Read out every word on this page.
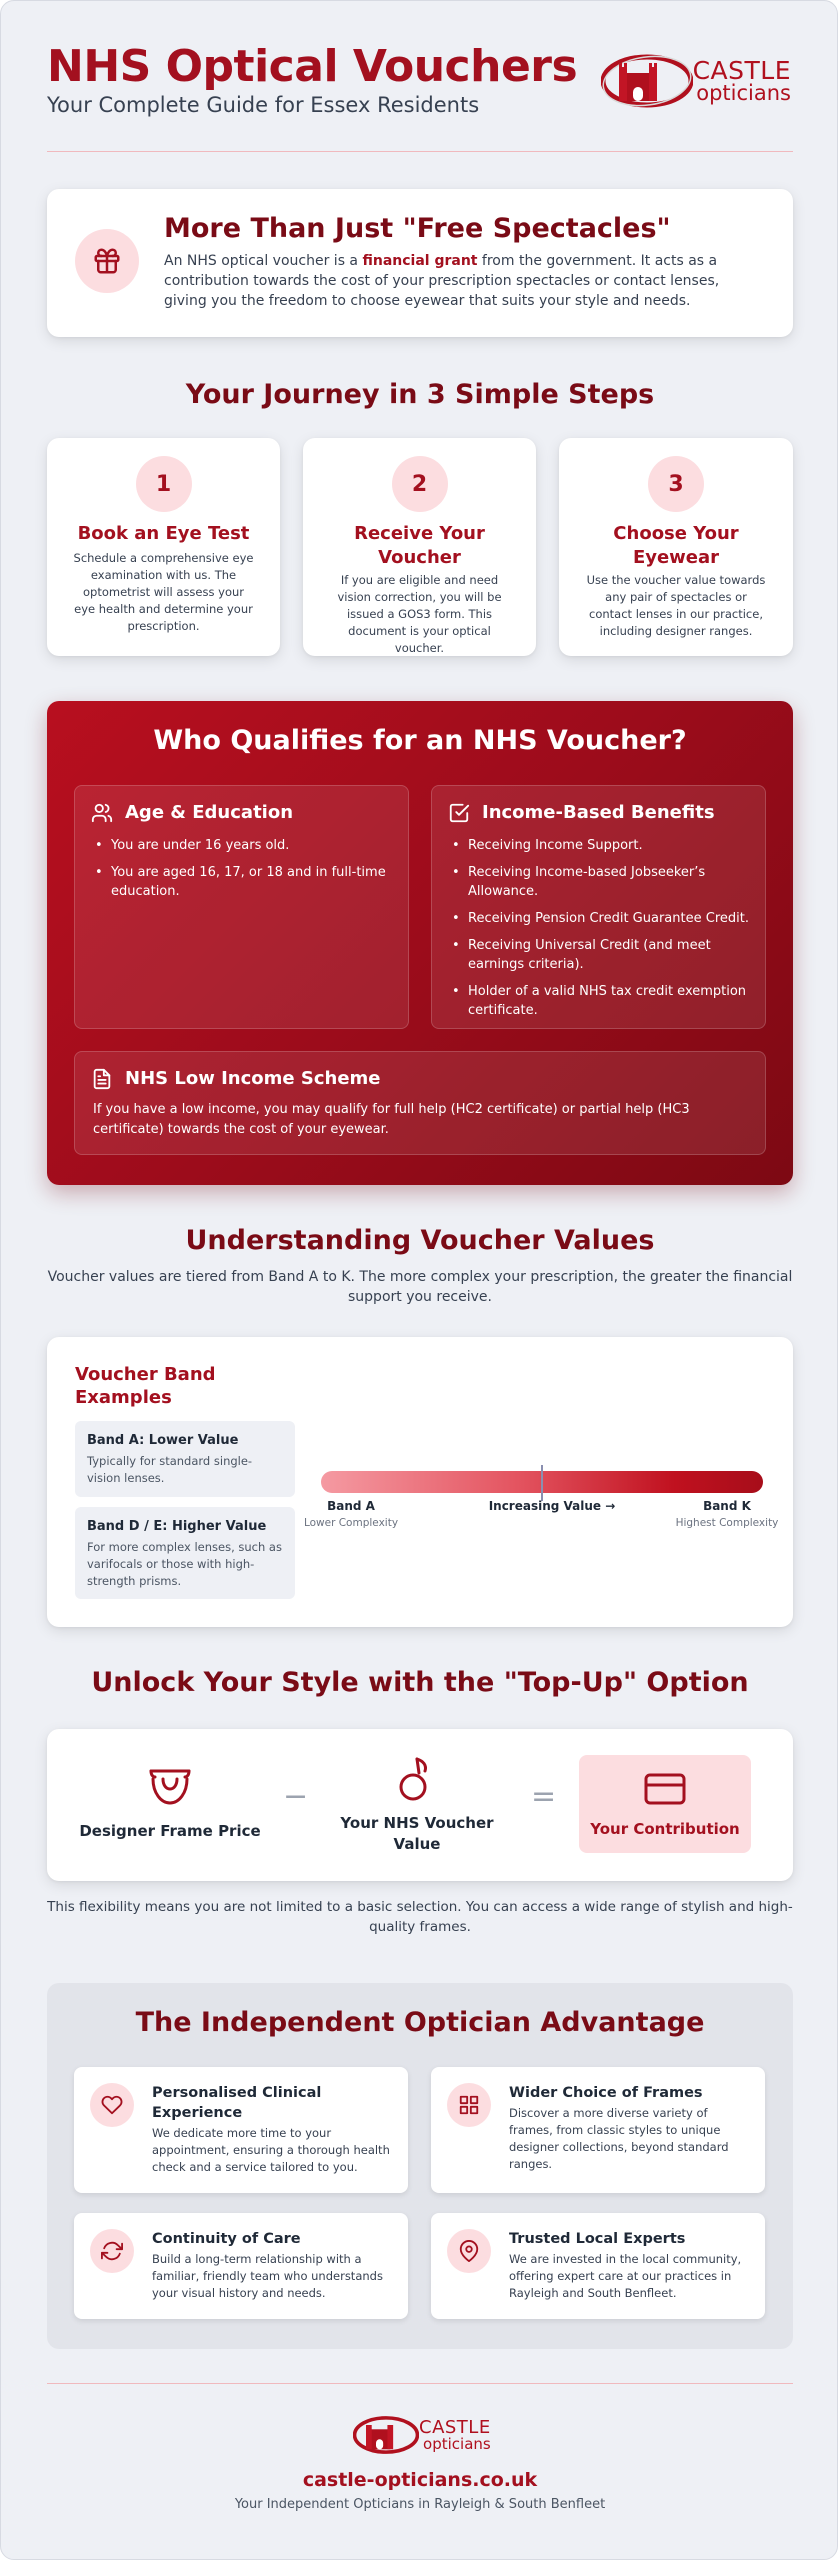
NHS Optical Vouchers
Your Complete Guide for Essex Residents
CASTLE
opticians
More Than Just "Free Spectacles"
An NHS optical voucher is a financial grant from the government. It acts as a contribution towards the cost of your prescription spectacles or contact lenses, giving you the freedom to choose eyewear that suits your style and needs.
Your Journey in 3 Simple Steps
1
Book an Eye Test
Schedule a comprehensive eye examination with us. The optometrist will assess your eye health and determine your prescription.
2
Receive Your Voucher
If you are eligible and need vision correction, you will be issued a GOS3 form. This document is your optical voucher.
3
Choose Your Eyewear
Use the voucher value towards any pair of spectacles or contact lenses in our practice, including designer ranges.
Who Qualifies for an NHS Voucher?
Age & Education
• You are under 16 years old.
• You are aged 16, 17, or 18 and in full-time education.
Income-Based Benefits
• Receiving Income Support.
• Receiving Income-based Jobseeker’s Allowance.
• Receiving Pension Credit Guarantee Credit.
• Receiving Universal Credit (and meet earnings criteria).
• Holder of a valid NHS tax credit exemption certificate.
NHS Low Income Scheme
If you have a low income, you may qualify for full help (HC2 certificate) or partial help (HC3 certificate) towards the cost of your eyewear.
Understanding Voucher Values
Voucher values are tiered from Band A to K. The more complex your prescription, the greater the financial support you receive.
Voucher Band Examples
Band A: Lower Value
Typically for standard single-vision lenses.
Band D / E: Higher Value
For more complex lenses, such as varifocals or those with high-strength prisms.
Band A
Lower Complexity
Increasing Value →	Band K
Highest Complexity
Unlock Your Style with the "Top-Up" Option
Designer Frame Price
−
Your NHS Voucher Value
=
Your Contribution
This flexibility means you are not limited to a basic selection. You can access a wide range of stylish and high-quality frames.
The Independent Optician Advantage
Personalised Clinical Experience
We dedicate more time to your appointment, ensuring a thorough health check and a service tailored to you.
Wider Choice of Frames
Discover a more diverse variety of frames, from classic styles to unique designer collections, beyond standard ranges.
Continuity of Care
Build a long-term relationship with a familiar, friendly team who understands your visual history and needs.
Trusted Local Experts
We are invested in the local community, offering expert care at our practices in Rayleigh and South Benfleet.
CASTLE
opticians
castle-opticians.co.uk
Your Independent Opticians in Rayleigh & South Benfleet
